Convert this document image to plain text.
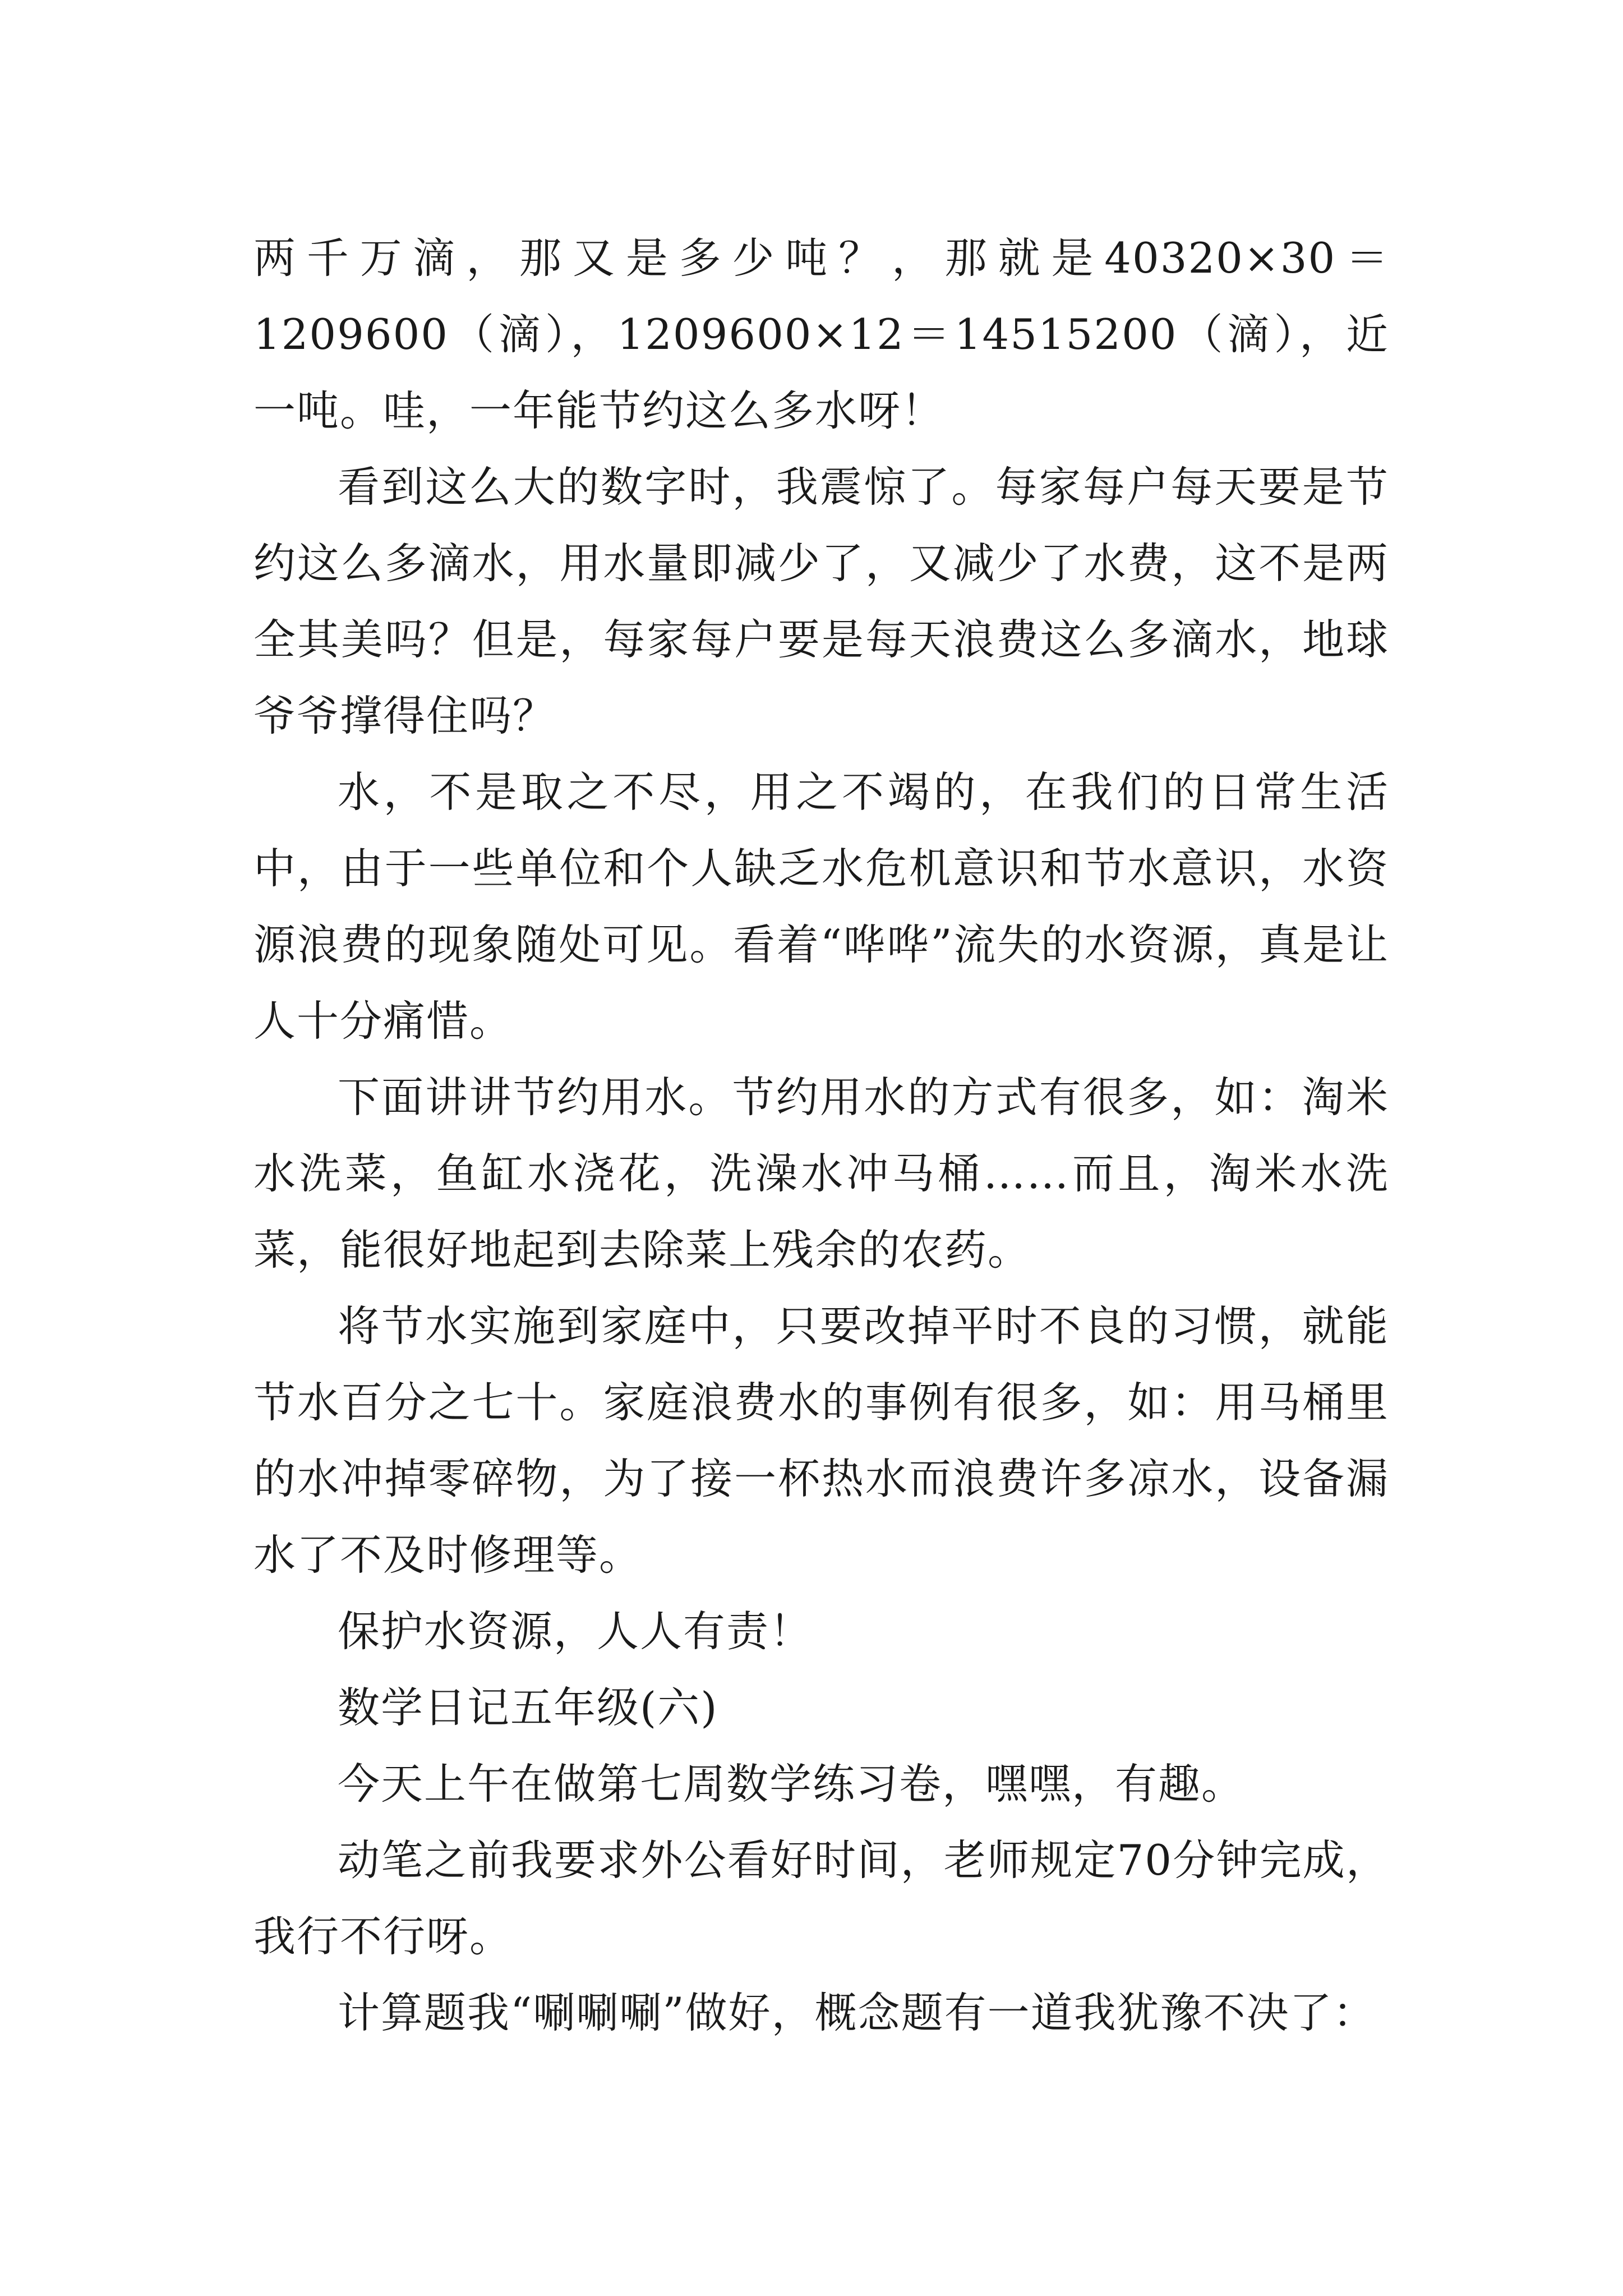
两千万滴，那又是多少吨？，那就是40320×30＝1209600（滴），1209600×12＝14515200（滴），近一吨。哇，一年能节约这么多水呀！

看到这么大的数字时，我震惊了。每家每户每天要是节约这么多滴水，用水量即减少了，又减少了水费，这不是两全其美吗？但是，每家每户要是每天浪费这么多滴水，地球爷爷撑得住吗？

水，不是取之不尽，用之不竭的，在我们的日常生活中，由于一些单位和个人缺乏水危机意识和节水意识，水资源浪费的现象随处可见。看着“哗哗”流失的水资源，真是让人十分痛惜。

下面讲讲节约用水。节约用水的方式有很多，如：淘米水洗菜，鱼缸水浇花，洗澡水冲马桶……而且，淘米水洗菜，能很好地起到去除菜上残余的农药。

将节水实施到家庭中，只要改掉平时不良的习惯，就能节水百分之七十。家庭浪费水的事例有很多，如：用马桶里的水冲掉零碎物，为了接一杯热水而浪费许多凉水，设备漏水了不及时修理等。

保护水资源，人人有责！

数学日记五年级(六)

今天上午在做第七周数学练习卷，嘿嘿，有趣。

动笔之前我要求外公看好时间，老师规定70分钟完成，我行不行呀。

计算题我“唰唰唰”做好，概念题有一道我犹豫不决了：
